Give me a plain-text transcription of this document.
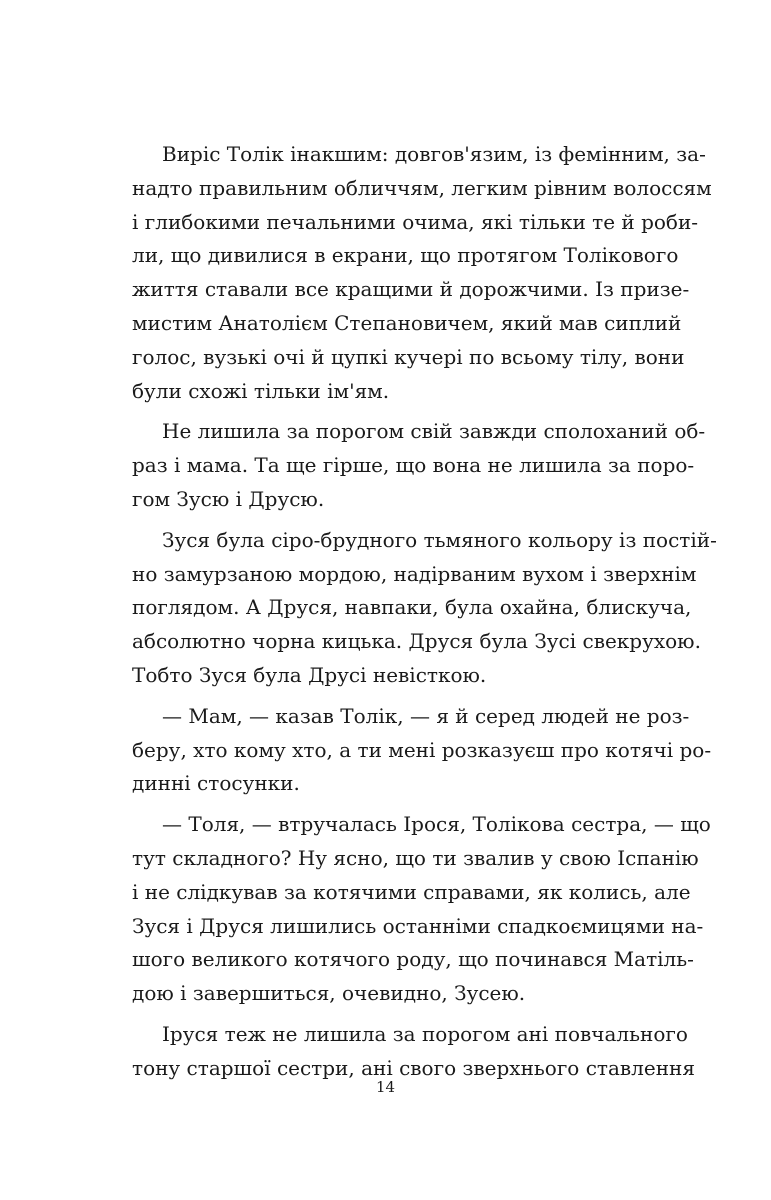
Виріс Толік інакшим: довгов'язим, із фемінним, за-
надто правильним обличчям, легким рівним волоссям
і глибокими печальними очима, які тільки те й роби-
ли, що дивилися в екрани, що протягом Толікового
життя ставали все кращими й дорожчими. Із призе-
мистим Анатолієм Степановичем, який мав сиплий
голос, вузькі очі й цупкі кучері по всьому тілу, вони
були схожі тільки ім'ям.
Не лишила за порогом свій завжди сполоханий об-
раз і мама. Та ще гірше, що вона не лишила за поро-
гом Зусю і Друсю.
Зуся була сіро-брудного тьмяного кольору із постій-
но замурзаною мордою, надірваним вухом і зверхнім
поглядом. А Друся, навпаки, була охайна, блискуча,
абсолютно чорна кицька. Друся була Зусі свекрухою.
Тобто Зуся була Друсі невісткою.
— Мам, — казав Толік, — я й серед людей не роз-
беру, хто кому хто, а ти мені розказуєш про котячі ро-
динні стосунки.
— Толя, — втручалась Ірося, Толікова сестра, — що
тут складного? Ну ясно, що ти звалив у свою Іспанію
і не слідкував за котячими справами, як колись, але
Зуся і Друся лишились останніми спадкоємицями на-
шого великого котячого роду, що починався Матіль-
дою і завершиться, очевидно, Зусею.
Іруся теж не лишила за порогом ані повчального
тону старшої сестри, ані свого зверхнього ставлення
14
